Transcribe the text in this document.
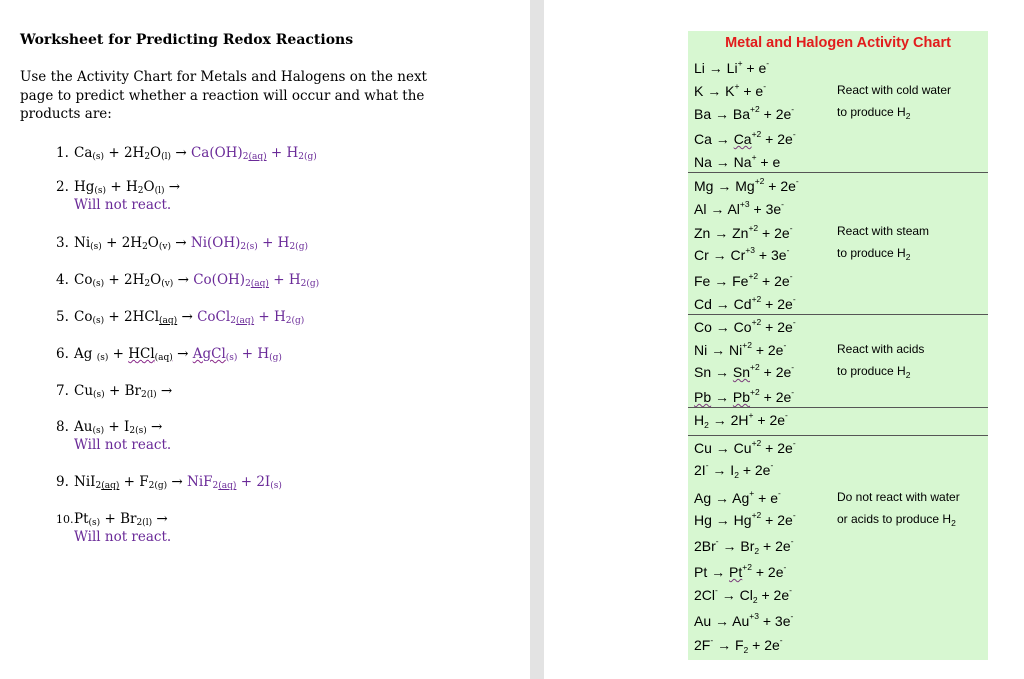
Worksheet for Predicting Redox Reactions
Use the Activity Chart for Metals and Halogens on the next
page to predict whether a reaction will occur and what the
products are:
1. $Ca_{(s)} + 2H_2O_{(l)} \to Ca(OH)_{2(aq)} + H_{2(g)}$
2. $Hg_{(s)} + H_2O_{(l)}$ →
Will not react.
3. $Ni_{(s)} + 2H_2O_{(v)} \to Ni(OH)_{2(s)} + H_{2(g)}$
4. $Co_{(s)} + 2H_2O_{(v)} \to Co(OH)_{2(aq)} + H_{2(g)}$
5. $Co_{(s)} + 2HCl_{(aq)}$ → CoCl$_{2(aq)}$ + $H_{2(g)}$
6. Ag $_{(s)}$ + HCl$_{(aq)}$ → AgCl$_{(s)}$ + $H_{(g)}$
7. $Cu_{(s)} + Br_{2(l)}$ →
8. $Au_{(s)} + I_{2(s)}$ →
Will not react.
9. $NiI_{2(aq)} + F_{2(g)} \to NiF_{2(aq)} + 2I_{(s)}$
$10.Pt_{(s)} + Br_{2(l)}$ →
Will not react.
Metal and Halogen Activity Chart
Li → Li+ + e-
K → K+ + e-
$Ba \to Ba^{+2} + 2e^-$
$Ca \to Ca^{+2} + 2e^-$
Na → Na+ + e
$Mg \to Mg^{+2} + 2e^-$
$Al \to Al^{+3} + 3e^-$
$Zn \to Zn^{+2} + 2e^-$
$Cr \to Cr^{+3} + 3e^-$
$Fe \to Fe^{+2} + 2e^-$
$Cd \to Cd^{+2} + 2e^-$
$Co \to Co^{+2} + 2e^-$
$Ni \to Ni^{+2} + 2e^-$
$Sn \to Sn^{+2} + 2e^-$
$Pb \to Pb^{+2} + 2e^-$
$H_2 \to 2H^+ + 2e^-$
$Cu \to Cu^{+2} + 2e^-$
$2I^- \to I_2 + 2e^-$
Ag → Ag+ + e-
$Hg \to Hg^{+2} + 2e^-$
$2Br^- \to Br_2 + 2e^-$
$Pt \to Pt^{+2} + 2e^-$
$2Cl^- \to Cl_2 + 2e^-$
$Au \to Au^{+3} + 3e^-$
$2F^- \to F_2 + 2e^-$
React with cold water
to produce $H_2$
React with steam
to produce $H_2$
React with acids
to produce $H_2$
Do not react with water
or acids to produce $H_2$
